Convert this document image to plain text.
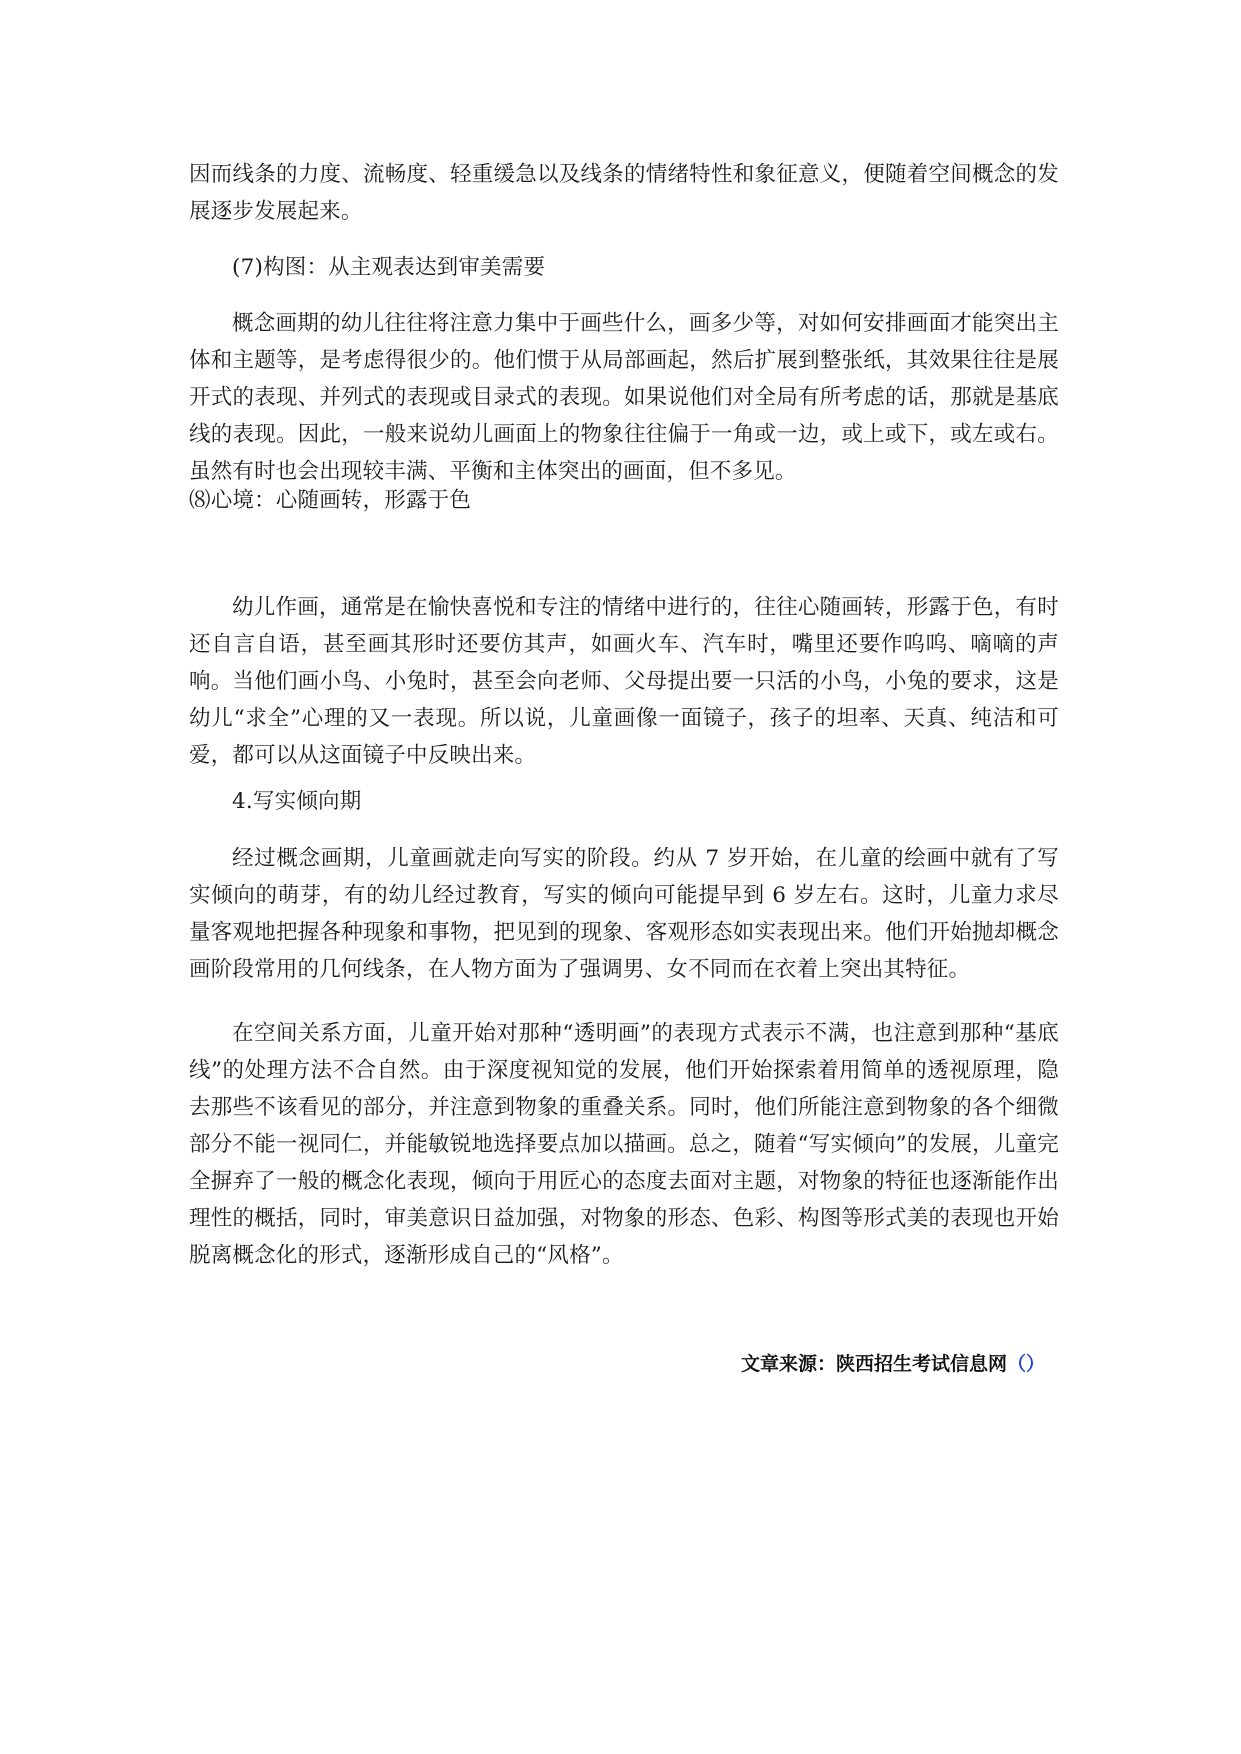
因而线条的力度、流畅度、轻重缓急以及线条的情绪特性和象征意义，便随着空间概念的发展逐步发展起来。

(7)构图：从主观表达到审美需要

概念画期的幼儿往往将注意力集中于画些什么，画多少等，对如何安排画面才能突出主体和主题等，是考虑得很少的。他们惯于从局部画起，然后扩展到整张纸，其效果往往是展开式的表现、并列式的表现或目录式的表现。如果说他们对全局有所考虑的话，那就是基底线的表现。因此，一般来说幼儿画面上的物象往往偏于一角或一边，或上或下，或左或右。虽然有时也会出现较丰满、平衡和主体突出的画面，但不多见。

⑻心境：心随画转，形露于色

幼儿作画，通常是在愉快喜悦和专注的情绪中进行的，往往心随画转，形露于色，有时还自言自语，甚至画其形时还要仿其声，如画火车、汽车时，嘴里还要作呜呜、嘀嘀的声响。当他们画小鸟、小兔时，甚至会向老师、父母提出要一只活的小鸟，小兔的要求，这是幼儿“求全”心理的又一表现。所以说，儿童画像一面镜子，孩子的坦率、天真、纯洁和可爱，都可以从这面镜子中反映出来。

4.写实倾向期

经过概念画期，儿童画就走向写实的阶段。约从 7 岁开始，在儿童的绘画中就有了写实倾向的萌芽，有的幼儿经过教育，写实的倾向可能提早到 6 岁左右。这时，儿童力求尽量客观地把握各种现象和事物，把见到的现象、客观形态如实表现出来。他们开始抛却概念画阶段常用的几何线条，在人物方面为了强调男、女不同而在衣着上突出其特征。

在空间关系方面，儿童开始对那种“透明画”的表现方式表示不满，也注意到那种“基底线”的处理方法不合自然。由于深度视知觉的发展，他们开始探索着用简单的透视原理，隐去那些不该看见的部分，并注意到物象的重叠关系。同时，他们所能注意到物象的各个细微部分不能一视同仁，并能敏锐地选择要点加以描画。总之，随着“写实倾向”的发展，儿童完全摒弃了一般的概念化表现，倾向于用匠心的态度去面对主题，对物象的特征也逐渐能作出理性的概括，同时，审美意识日益加强，对物象的形态、色彩、构图等形式美的表现也开始脱离概念化的形式，逐渐形成自己的“风格”。

文章来源：陕西招生考试信息网（）
